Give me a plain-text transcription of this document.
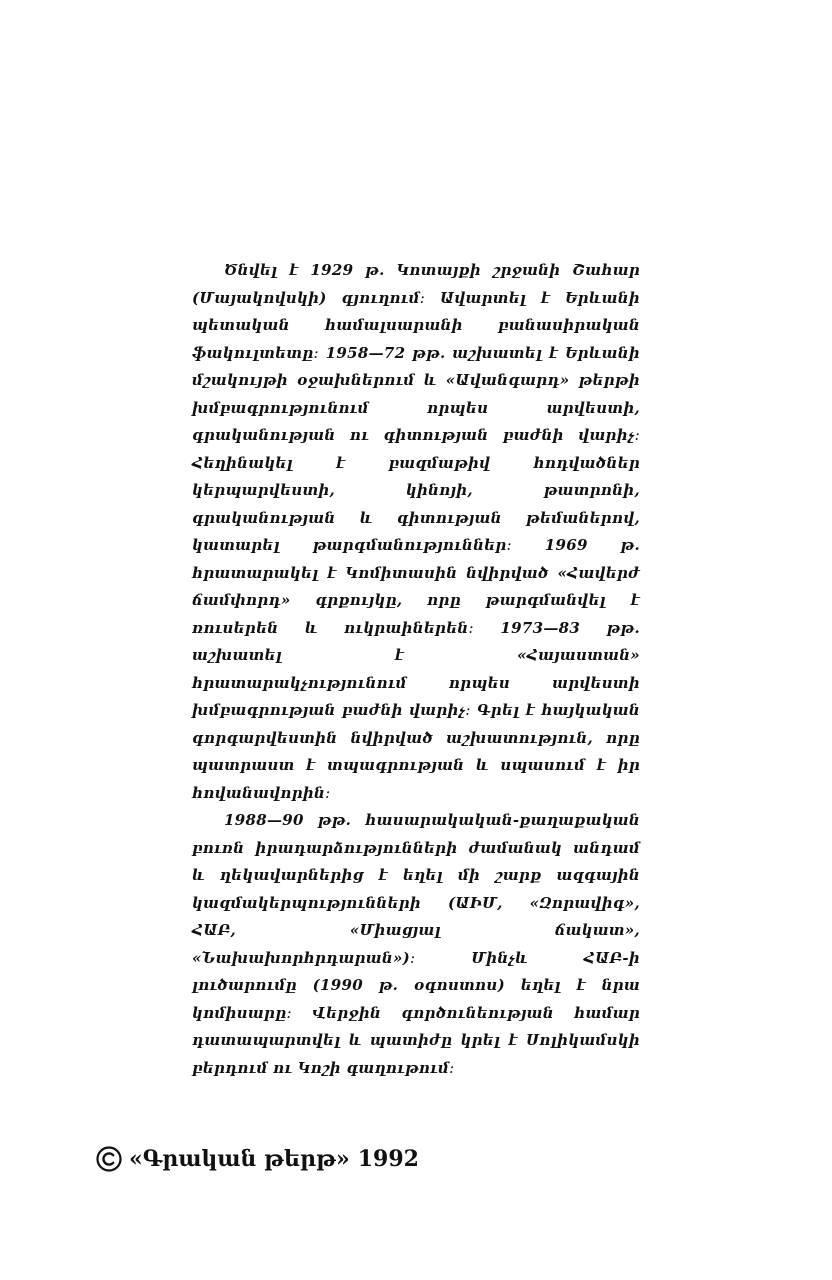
Ծնվել է 1929 թ. Կոտայքի շրջանի Շահար (Մայակովսկի) գյուղում։ Ավարտել է Երևանի պետական համալսարանի բանասիրական ֆակուլտետը։ 1958—72 թթ. աշխատել է Երևանի մշակույթի օջախներում և «Ավանգարդ» թերթի խմբագրությունում որպես արվեստի, գրականության ու գիտության բաժնի վարիչ։ Հեղինակել է բազմաթիվ հոդվածներ կերպարվեստի, կինոյի, թատրոնի, գրականության և գիտության թեմաներով, կատարել թարգմանություններ։ 1969 թ. հրատարակել է Կոմիտասին նվիրված «Հավերժ ճամփորդ» գրքույկը, որը թարգմանվել է ռուսերեն և ուկրաիներեն։ 1973—83 թթ. աշխատել է «Հայաստան» հրատարակչությունում որպես արվեստի խմբագրության բաժնի վարիչ։ Գրել է հայկական գորգարվեստին նվիրված աշխատություն, որը պատրաստ է տպագրության և սպասում է իր հովանավորին։

1988—90 թթ. հասարակական-քաղաքական բուռն իրադարձությունների ժամանակ անդամ և ղեկավարներից է եղել մի շարք ազգային կազմակերպությունների (ԱԻՄ, «Զորավիգ», ՀԱԲ, «Միացյալ ճակատ», «Նախախորհրդարան»)։ Մինչև ՀԱԲ-ի լուծարումը (1990 թ. օգոստոս) եղել է նրա կոմիսարը։ Վերջին գործունեության համար դատապարտվել և պատիժը կրել է Սոլիկամսկի բերդում ու Կոշի գաղութում։

«Գրական թերթ» 1992
